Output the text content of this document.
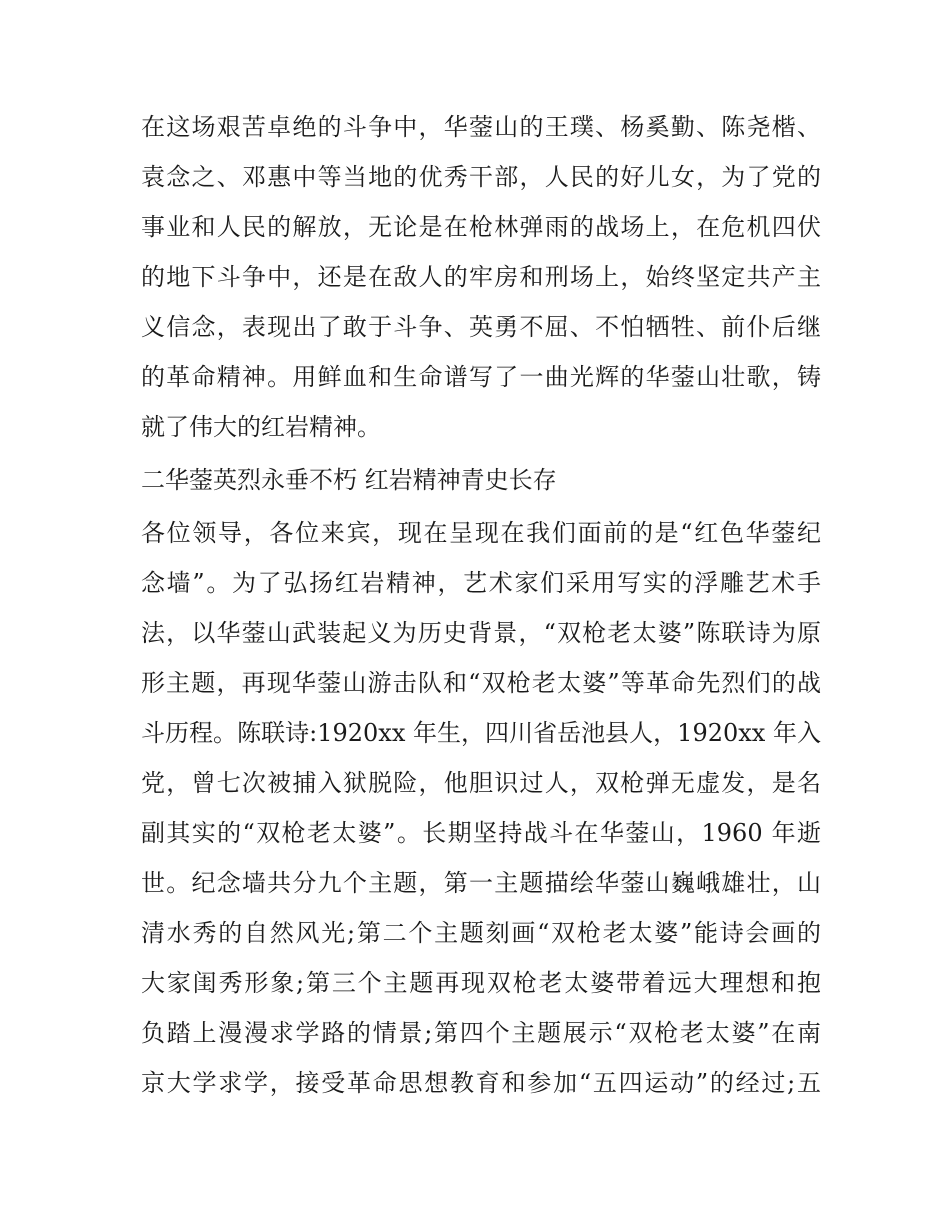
在这场艰苦卓绝的斗争中，华蓥山的王璞、杨奚勤、陈尧楷、
袁念之、邓惠中等当地的优秀干部，人民的好儿女，为了党的
事业和人民的解放，无论是在枪林弹雨的战场上，在危机四伏
的地下斗争中，还是在敌人的牢房和刑场上，始终坚定共产主
义信念，表现出了敢于斗争、英勇不屈、不怕牺牲、前仆后继
的革命精神。用鲜血和生命谱写了一曲光辉的华蓥山壮歌，铸
就了伟大的红岩精神。
二华蓥英烈永垂不朽 红岩精神青史长存
各位领导，各位来宾，现在呈现在我们面前的是“红色华蓥纪
念墙”。为了弘扬红岩精神，艺术家们采用写实的浮雕艺术手
法，以华蓥山武装起义为历史背景，“双枪老太婆”陈联诗为原
形主题，再现华蓥山游击队和“双枪老太婆”等革命先烈们的战
斗历程。陈联诗:1920xx 年生，四川省岳池县人，1920xx 年入
党，曾七次被捕入狱脱险，他胆识过人，双枪弹无虚发，是名
副其实的“双枪老太婆”。长期坚持战斗在华蓥山，1960 年逝
世。纪念墙共分九个主题，第一主题描绘华蓥山巍峨雄壮，山
清水秀的自然风光;第二个主题刻画“双枪老太婆”能诗会画的
大家闺秀形象;第三个主题再现双枪老太婆带着远大理想和抱
负踏上漫漫求学路的情景;第四个主题展示“双枪老太婆”在南
京大学求学，接受革命思想教育和参加“五四运动”的经过;五
